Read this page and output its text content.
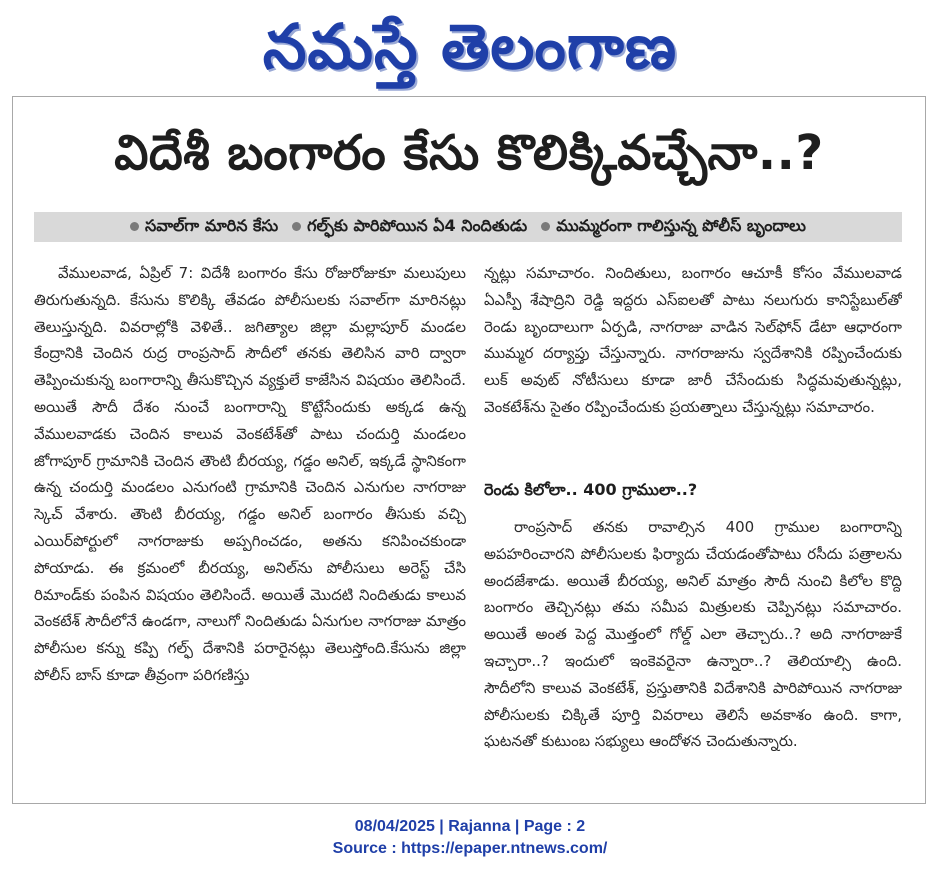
నమస్తే తెలంగాణ
విదేశీ బంగారం కేసు కొలిక్కివచ్చేనా..?
సవాల్‌గా మారిన కేసు	గల్ఫ్‌కు పారిపోయిన ఏ4 నిందితుడు	ముమ్మరంగా గాలిస్తున్న పోలీస్ బృందాలు
వేములవాడ, ఏప్రిల్ 7: విదేశీ బంగారం కేసు రోజురోజుకూ మలుపులు తిరుగుతున్నది. కేసును కొలిక్కి తేవడం పోలీసులకు సవాల్‌గా మారినట్లు తెలుస్తున్నది. వివరాల్లోకి వెళితే.. జగిత్యాల జిల్లా మల్లాపూర్ మండల కేంద్రానికి చెందిన రుద్ర రాంప్రసాద్ సౌదీలో తనకు తెలిసిన వారి ద్వారా తెప్పించుకున్న బంగారాన్ని తీసుకొచ్చిన వ్యక్తులే కాజేసిన విషయం తెలిసిందే. అయితే సౌదీ దేశం నుంచే బంగారాన్ని కొట్టేసేందుకు అక్కడ ఉన్న వేములవాడకు చెందిన కాలువ వెంకటేశ్‌తో పాటు చందుర్తి మండలం జోగాపూర్ గ్రామానికి చెందిన తౌంటి బీరయ్య, గడ్డం అనిల్, ఇక్కడే స్థానికంగా ఉన్న చందుర్తి మండలం ఎనుగంటి గ్రామానికి చెందిన ఎనుగుల నాగరాజు స్కెచ్ వేశారు. తౌంటి బీరయ్య, గడ్డం అనిల్ బంగారం తీసుకు వచ్చి ఎయిర్‌పోర్టులో నాగరాజుకు అప్పగించడం, అతను కనిపించకుండా పోయాడు. ఈ క్రమంలో బీరయ్య, అనిల్‌ను పోలీసులు అరెస్ట్ చేసి రిమాండ్‌కు పంపిన విషయం తెలిసిందే. అయితే మొదటి నిందితుడు కాలువ వెంకటేశ్ సౌదీలోనే ఉండగా, నాలుగో నిందితుడు ఏనుగుల నాగరాజు మాత్రం పోలీసుల కన్ను కప్పి గల్ఫ్ దేశానికి పరారైనట్లు తెలుస్తోంది.కేసును జిల్లా పోలీస్ బాస్ కూడా తీవ్రంగా పరిగణిస్తు
న్నట్లు సమాచారం. నిందితులు, బంగారం ఆచూకీ కోసం వేములవాడ ఏఎస్పీ శేషాద్రిని రెడ్డి ఇద్దరు ఎస్ఐలతో పాటు నలుగురు కానిస్టేబుల్‌తో రెండు బృందాలుగా ఏర్పడి, నాగరాజు వాడిన సెల్‌ఫోన్ డేటా ఆధారంగా ముమ్మర దర్యాప్తు చేస్తున్నారు. నాగరాజును స్వదేశానికి రప్పించేందుకు లుక్ అవుట్ నోటీసులు కూడా జారీ చేసేందుకు సిద్ధమవుతున్నట్లు, వెంకటేశ్‌ను సైతం రప్పించేందుకు ప్రయత్నాలు చేస్తున్నట్లు సమాచారం.
రెండు కిలోలా.. 400 గ్రాములా..?
రాంప్రసాద్ తనకు రావాల్సిన 400 గ్రాముల బంగారాన్ని అపహరించారని పోలీసులకు ఫిర్యాదు చేయడంతోపాటు రసీదు పత్రాలను అందజేశాడు. అయితే బీరయ్య, అనిల్ మాత్రం సౌదీ నుంచి కిలోల కొద్ది బంగారం తెచ్చినట్లు తమ సమీప మిత్రులకు చెప్పినట్లు సమాచారం. అయితే అంత పెద్ద మొత్తంలో గోల్డ్ ఎలా తెచ్చారు..? అది నాగరాజుకే ఇచ్చారా..? ఇందులో ఇంకెవరైనా ఉన్నారా..? తెలియాల్సి ఉంది. సౌదీలోని కాలువ వెంకటేశ్, ప్రస్తుతానికి విదేశానికి పారిపోయిన నాగరాజు పోలీసులకు చిక్కితే పూర్తి వివరాలు తెలిసే అవకాశం ఉంది. కాగా, ఘటనతో కుటుంబ సభ్యులు ఆందోళన చెందుతున్నారు.
08/04/2025 | Rajanna | Page : 2
Source : https://epaper.ntnews.com/
